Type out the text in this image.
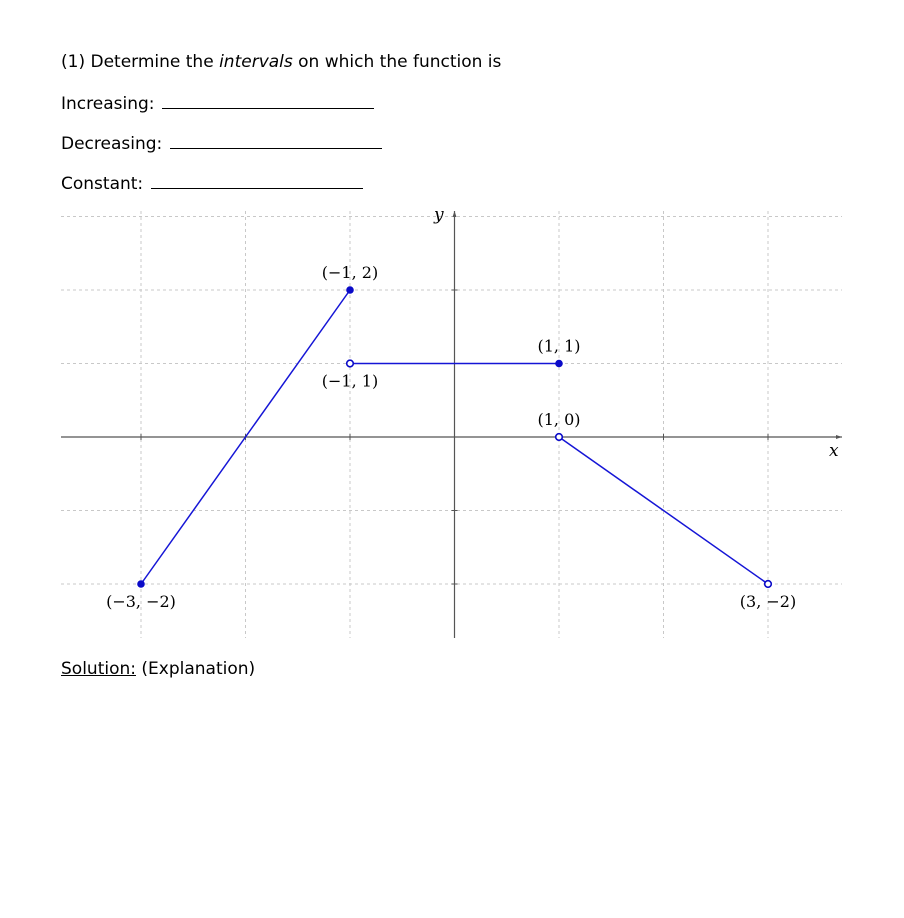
(1) Determine the intervals on which the function is
Increasing:
Decreasing:
Constant:
x
y
(−1, 2)
(−1, 1)
(1, 1)
(1, 0)
(−3, −2)	(3, −2)
Solution: (Explanation)
